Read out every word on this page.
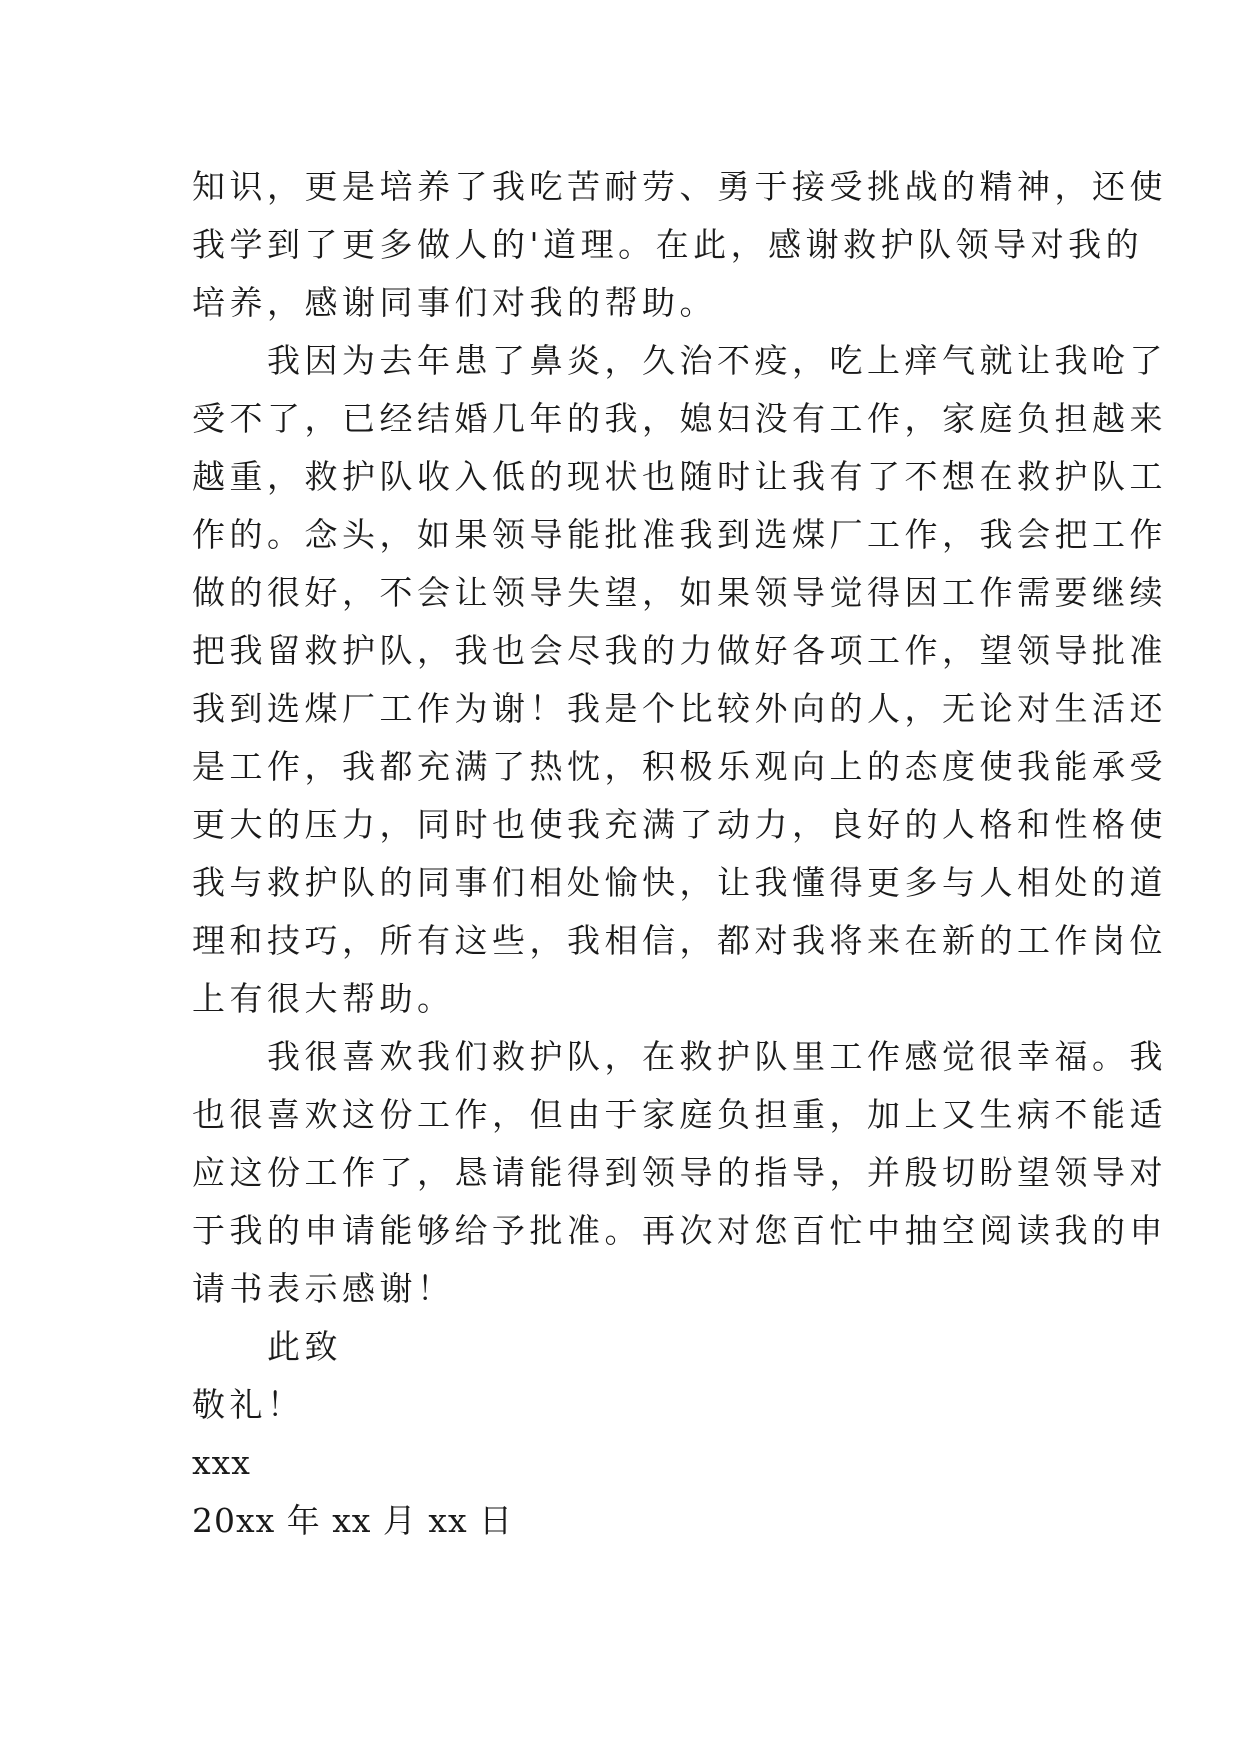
知识，更是培养了我吃苦耐劳、勇于接受挑战的精神，还使
我学到了更多做人的'道理。在此，感谢救护队领导对我的
培养，感谢同事们对我的帮助。
　　我因为去年患了鼻炎，久治不疫，吃上痒气就让我呛了
受不了，已经结婚几年的我，媳妇没有工作，家庭负担越来
越重，救护队收入低的现状也随时让我有了不想在救护队工
作的。念头，如果领导能批准我到选煤厂工作，我会把工作
做的很好，不会让领导失望，如果领导觉得因工作需要继续
把我留救护队，我也会尽我的力做好各项工作，望领导批准
我到选煤厂工作为谢！我是个比较外向的人，无论对生活还
是工作，我都充满了热忱，积极乐观向上的态度使我能承受
更大的压力，同时也使我充满了动力，良好的人格和性格使
我与救护队的同事们相处愉快，让我懂得更多与人相处的道
理和技巧，所有这些，我相信，都对我将来在新的工作岗位
上有很大帮助。
　　我很喜欢我们救护队，在救护队里工作感觉很幸福。我
也很喜欢这份工作，但由于家庭负担重，加上又生病不能适
应这份工作了，恳请能得到领导的指导，并殷切盼望领导对
于我的申请能够给予批准。再次对您百忙中抽空阅读我的申
请书表示感谢！
　　此致
敬礼！
xxx
20xx 年 xx 月 xx 日
